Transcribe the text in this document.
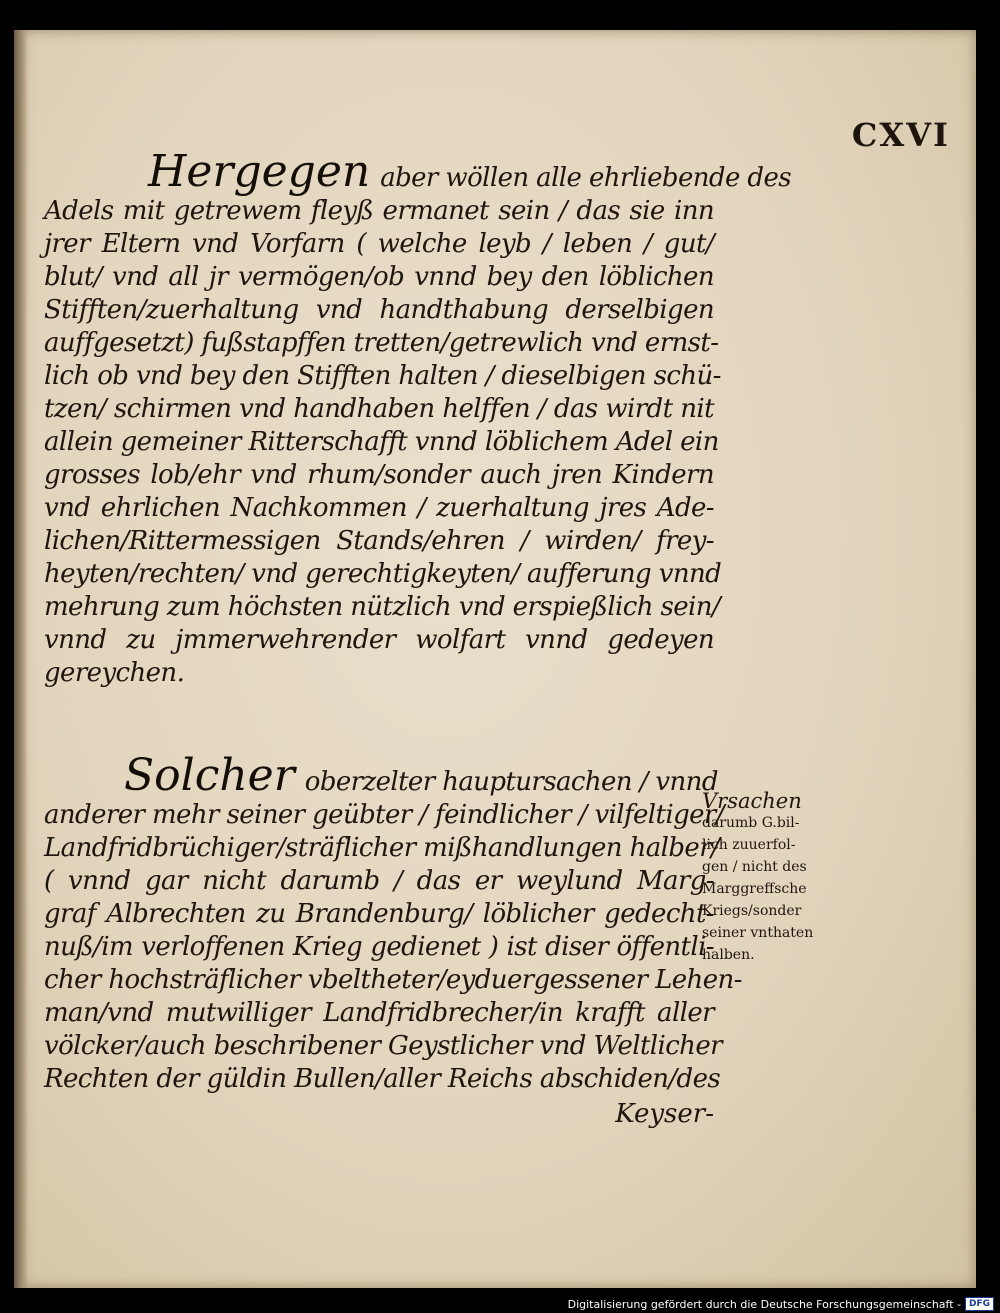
CXVI
Hergegen aber wöllen alle ehrliebende des
Adels mit getrewem fleyß ermanet sein / das sie inn
jrer Eltern vnd Vorfarn ( welche leyb / leben / gut/
blut/ vnd all jr vermögen/ob vnnd bey den löblichen
Stifften/zuerhaltung vnd handthabung derselbigen
auffgesetzt) fußstapffen tretten/getrewlich vnd ernst-
lich ob vnd bey den Stifften halten / dieselbigen schü-
tzen/ schirmen vnd handhaben helffen / das wirdt nit
allein gemeiner Ritterschafft vnnd löblichem Adel ein
grosses lob/ehr vnd rhum/sonder auch jren Kindern
vnd ehrlichen Nachkommen / zuerhaltung jres Ade-
lichen/Rittermessigen Stands/ehren / wirden/ frey-
heyten/rechten/ vnd gerechtigkeyten/ aufferung vnnd
mehrung zum höchsten nützlich vnd erspießlich sein/
vnnd zu jmmerwehrender wolfart vnnd gedeyen
gereychen.
Solcher oberzelter hauptursachen / vnnd
anderer mehr seiner geübter / feindlicher / vilfeltiger/
Landfridbrüchiger/sträflicher mißhandlungen halber/
( vnnd gar nicht darumb / das er weylund Marg-
graf Albrechten zu Brandenburg/ löblicher gedecht-
nuß/im verloffenen Krieg gedienet ) ist diser öffentli-
cher hochsträflicher vbelthеter/eyduergessener Lehen-
man/vnd mutwilliger Landfridbrecher/in krafft aller
völcker/auch beschribener Geystlicher vnd Weltlicher
Rechten der güldin Bullen/aller Reichs abschiden/des
Keyser-
Vrsachen
darumb G.bil-
lich zuuerfol-
gen / nicht des
Marggreffsche
Kriegs/sonder
seiner vnthaten
halben.
Digitalisierung gefördert durch die Deutsche Forschungsgemeinschaft - DFG
